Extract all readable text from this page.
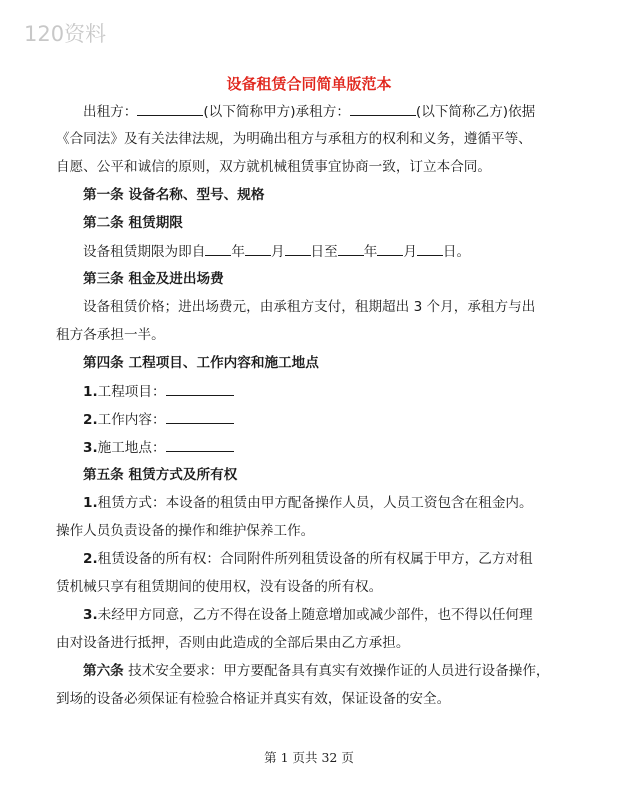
120资料
设备租赁合同简单版范本
出租方：	(以下简称甲方)承租方：	(以下简称乙方)依据
《合同法》及有关法律法规，为明确出租方与承租方的权利和义务，遵循平等、
自愿、公平和诚信的原则，双方就机械租赁事宜协商一致，订立本合同。
第一条 设备名称、型号、规格
第二条 租赁期限
设备租赁期限为即自 年 月 日至 年 月 日。
第三条 租金及进出场费
设备租赁价格；进出场费元，由承租方支付，租期超出 3 个月，承租方与出
租方各承担一半。
第四条 工程项目、工作内容和施工地点
1.工程项目：
2.工作内容：
3.施工地点：
第五条 租赁方式及所有权
1.租赁方式：本设备的租赁由甲方配备操作人员，人员工资包含在租金内。
操作人员负责设备的操作和维护保养工作。
2.租赁设备的所有权：合同附件所列租赁设备的所有权属于甲方，乙方对租
赁机械只享有租赁期间的使用权，没有设备的所有权。
3.未经甲方同意，乙方不得在设备上随意增加或减少部件，也不得以任何理
由对设备进行抵押，否则由此造成的全部后果由乙方承担。
第六条 技术安全要求：甲方要配备具有真实有效操作证的人员进行设备操作，
到场的设备必须保证有检验合格证并真实有效，保证设备的安全。
第 1 页共 32 页
